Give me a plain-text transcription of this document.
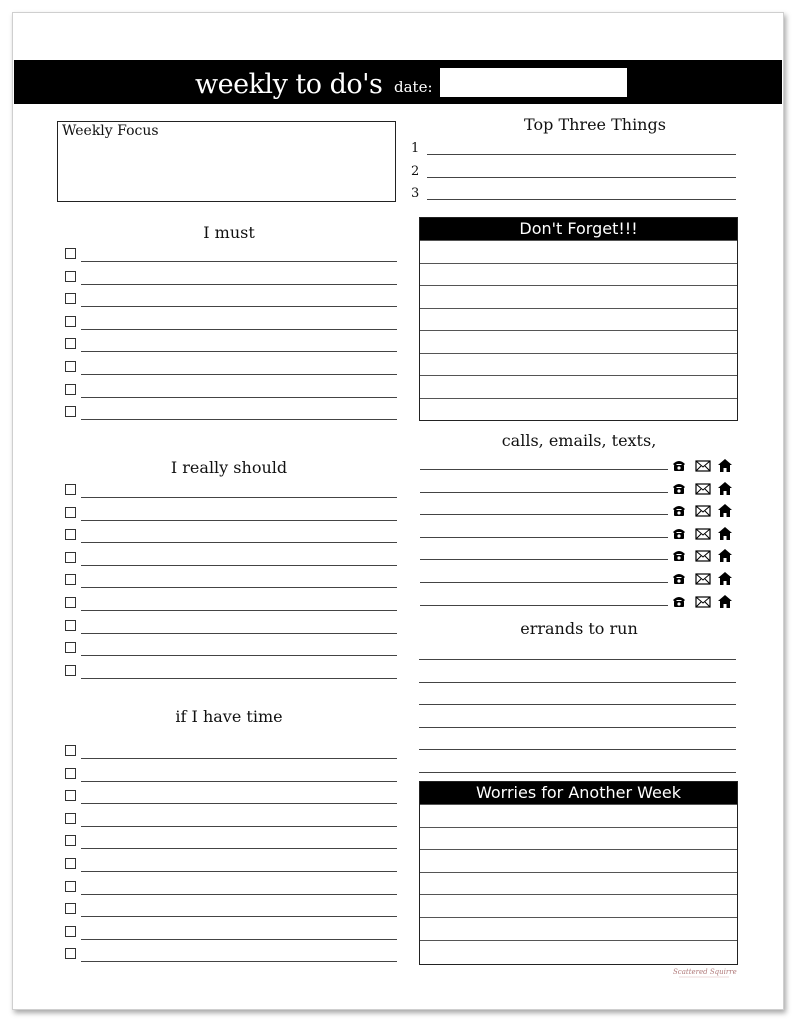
weekly to do's date:
Weekly Focus	Top Three Things
1
2
3
I must
I really should
if I have time
Don't Forget!!!
calls, emails, texts,
errands to run
Worries for Another Week
Scattered Squirrel
